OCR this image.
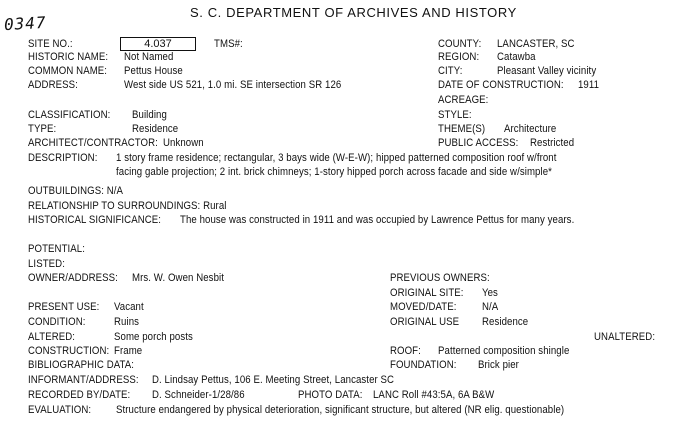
0347
S. C. DEPARTMENT OF ARCHIVES AND HISTORY
SITE NO.:	4.037	TMS#:	COUNTY: LANCASTER, SC
HISTORIC NAME: Not Named	REGION: Catawba
COMMON NAME: Pettus House	CITY:	Pleasant Valley vicinity
ADDRESS:	West side US 521, 1.0 mi. SE intersection SR 126	DATE OF CONSTRUCTION: 1911
ACREAGE:
CLASSIFICATION: Building	STYLE:
TYPE:	Residence	THEME(S) Architecture
ARCHITECT/CONTRACTOR: Unknown	PUBLIC ACCESS: Restricted
DESCRIPTION: 1 story frame residence; rectangular, 3 bays wide (W-E-W); hipped patterned composition roof w/front
facing gable projection; 2 int. brick chimneys; 1-story hipped porch across facade and side w/simple*
OUTBUILDINGS: N/A
RELATIONSHIP TO SURROUNDINGS: Rural
HISTORICAL SIGNIFICANCE: The house was constructed in 1911 and was occupied by Lawrence Pettus for many years.
POTENTIAL:
LISTED:
OWNER/ADDRESS: Mrs. W. Owen Nesbit	PREVIOUS OWNERS:
ORIGINAL SITE: Yes
PRESENT USE: Vacant	MOVED/DATE: N/A
CONDITION:	Ruins	ORIGINAL USE Residence
ALTERED:	Some porch posts	UNALTERED:
CONSTRUCTION: Frame	ROOF: Patterned composition shingle
BIBLIOGRAPHIC DATA:	FOUNDATION: Brick pier
INFORMANT/ADDRESS: D. Lindsay Pettus, 106 E. Meeting Street, Lancaster SC
RECORDED BY/DATE: D. Schneider-1/28/86	PHOTO DATA: LANC Roll #43:5A, 6A B&W
EVALUATION: Structure endangered by physical deterioration, significant structure, but altered (NR elig. questionable)
